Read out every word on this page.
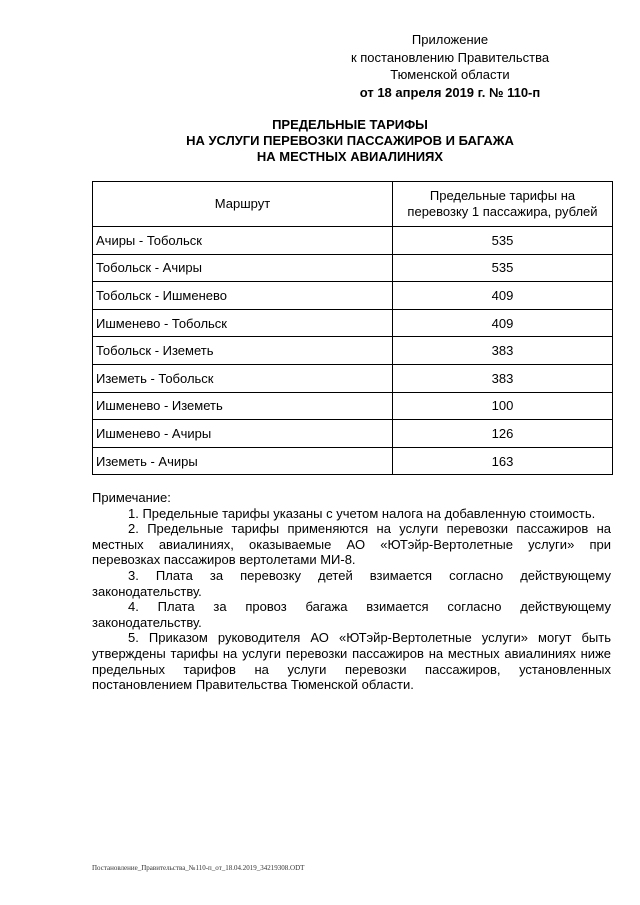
Приложение
к постановлению Правительства
Тюменской области
от 18 апреля 2019 г. № 110-п
ПРЕДЕЛЬНЫЕ ТАРИФЫ
НА УСЛУГИ ПЕРЕВОЗКИ ПАССАЖИРОВ И БАГАЖА
НА МЕСТНЫХ АВИАЛИНИЯХ
Маршрут	Предельные тарифы на
перевозку 1 пассажира, рублей

Ачиры - Тобольск	535
Тобольск - Ачиры	535
Тобольск - Ишменево	409
Ишменево - Тобольск	409
Тобольск - Иземеть	383
Иземеть - Тобольск	383
Ишменево - Иземеть	100
Ишменево - Ачиры	126
Иземеть - Ачиры	163

Примечание:

1. Предельные тарифы указаны с учетом налога на добавленную стоимость.

2. Предельные тарифы применяются на услуги перевозки пассажиров на местных авиалиниях, оказываемые АО «ЮТэйр-Вертолетные услуги» при перевозках пассажиров вертолетами МИ-8.

3. Плата за перевозку детей взимается согласно действующему законодательству.

4. Плата за провоз багажа взимается согласно действующему законодательству.

5. Приказом руководителя АО «ЮТэйр-Вертолетные услуги» могут быть утверждены тарифы на услуги перевозки пассажиров на местных авиалиниях ниже предельных тарифов на услуги перевозки пассажиров, установленных постановлением Правительства Тюменской области.

Постановление_Правительства_№110-п_от_18.04.2019_34219308.ODT
